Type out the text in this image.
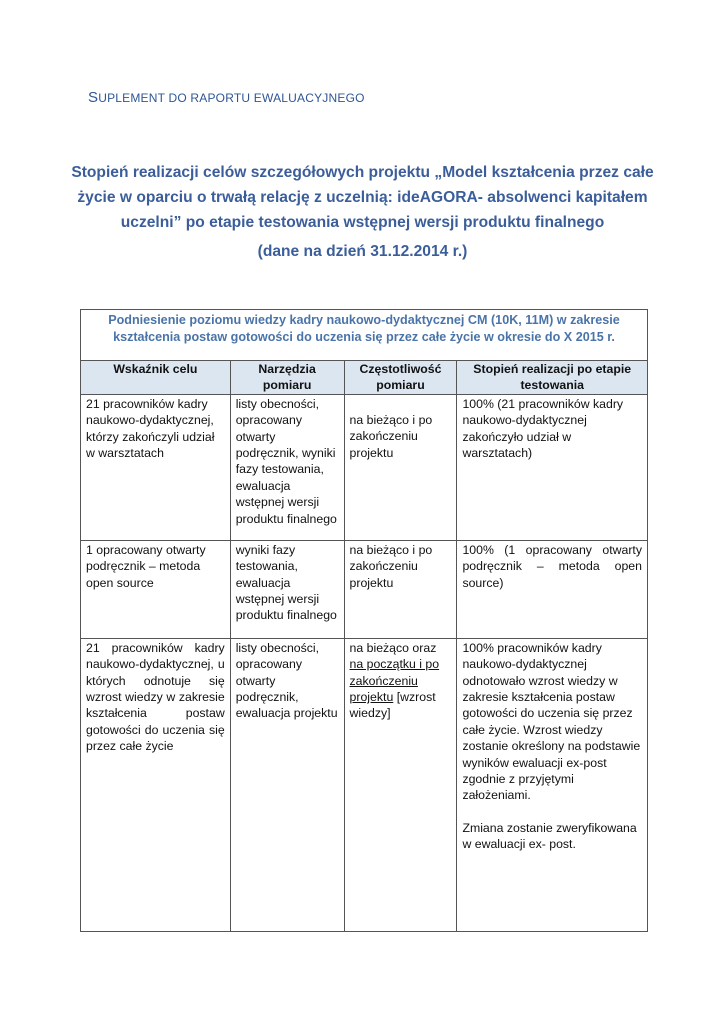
SUPLEMENT DO RAPORTU EWALUACYJNEGO
Stopień realizacji celów szczegółowych projektu „Model kształcenia przez całe życie w oparciu o trwałą relację z uczelnią: ideAGORA- absolwenci kapitałem uczelni” po etapie testowania wstępnej wersji produktu finalnego
(dane na dzień 31.12.2014 r.)
Podniesienie poziomu wiedzy kadry naukowo-dydaktycznej CM (10K, 11M) w zakresie kształcenia postaw gotowości do uczenia się przez całe życie w okresie do X 2015 r.			
Wskaźnik celu	Narzędzia pomiaru	Częstotliwość pomiaru	Stopień realizacji po etapie testowania
21 pracowników kadry naukowo-dydaktycznej, którzy zakończyli udział w warsztatach	listy obecności, opracowany otwarty podręcznik, wyniki fazy testowania, ewaluacja wstępnej wersji produktu finalnego	na bieżąco i po zakończeniu projektu	100% (21 pracowników kadry naukowo-dydaktycznej zakończyło udział w warsztatach)
1 opracowany otwarty podręcznik – metoda open source	wyniki fazy testowania, ewaluacja wstępnej wersji produktu finalnego	na bieżąco i po zakończeniu projektu	100% (1 opracowany otwarty podręcznik – metoda open source)
21 pracowników kadry naukowo-dydaktycznej, u których odnotuje się wzrost wiedzy w zakresie kształcenia postaw gotowości do uczenia się przez całe życie	listy obecności, opracowany otwarty podręcznik, ewaluacja projektu	na bieżąco oraz na początku i po zakończeniu projektu [wzrost wiedzy]	100% pracowników kadry naukowo-dydaktycznej odnotowało wzrost wiedzy w zakresie kształcenia postaw gotowości do uczenia się przez całe życie. Wzrost wiedzy zostanie określony na podstawie wyników ewaluacji ex-post zgodnie z przyjętymi założeniami.
Zmiana zostanie zweryfikowana w ewaluacji ex- post.
